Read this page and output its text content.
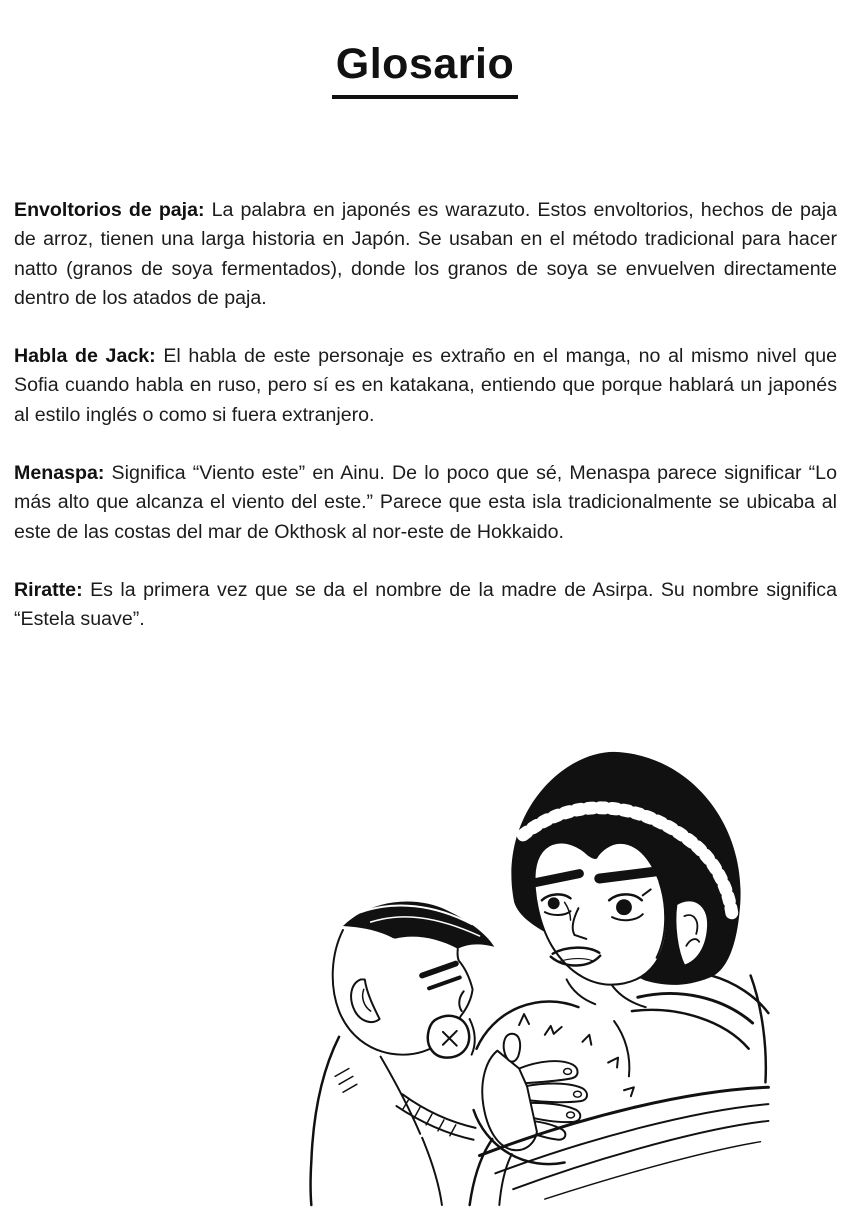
Glosario

Envoltorios de paja: La palabra en japonés es warazuto. Estos envoltorios, hechos de paja de arroz, tienen una larga historia en Japón. Se usaban en el método tradicional para hacer natto (granos de soya fermentados), donde los granos de soya se envuelven directamente dentro de los atados de paja.

Habla de Jack: El habla de este personaje es extraño en el manga, no al mismo nivel que Sofia cuando habla en ruso, pero sí es en katakana, entiendo que porque hablará un japonés al estilo inglés o como si fuera extranjero.

Menaspa: Significa “Viento este” en Ainu. De lo poco que sé, Menaspa parece significar “Lo más alto que alcanza el viento del este.” Parece que esta isla tradicionalmente se ubicaba al este de las costas del mar de Okthosk al nor-este de Hokkaido.

Riratte: Es la primera vez que se da el nombre de la madre de Asirpa. Su nombre significa “Estela suave”.
